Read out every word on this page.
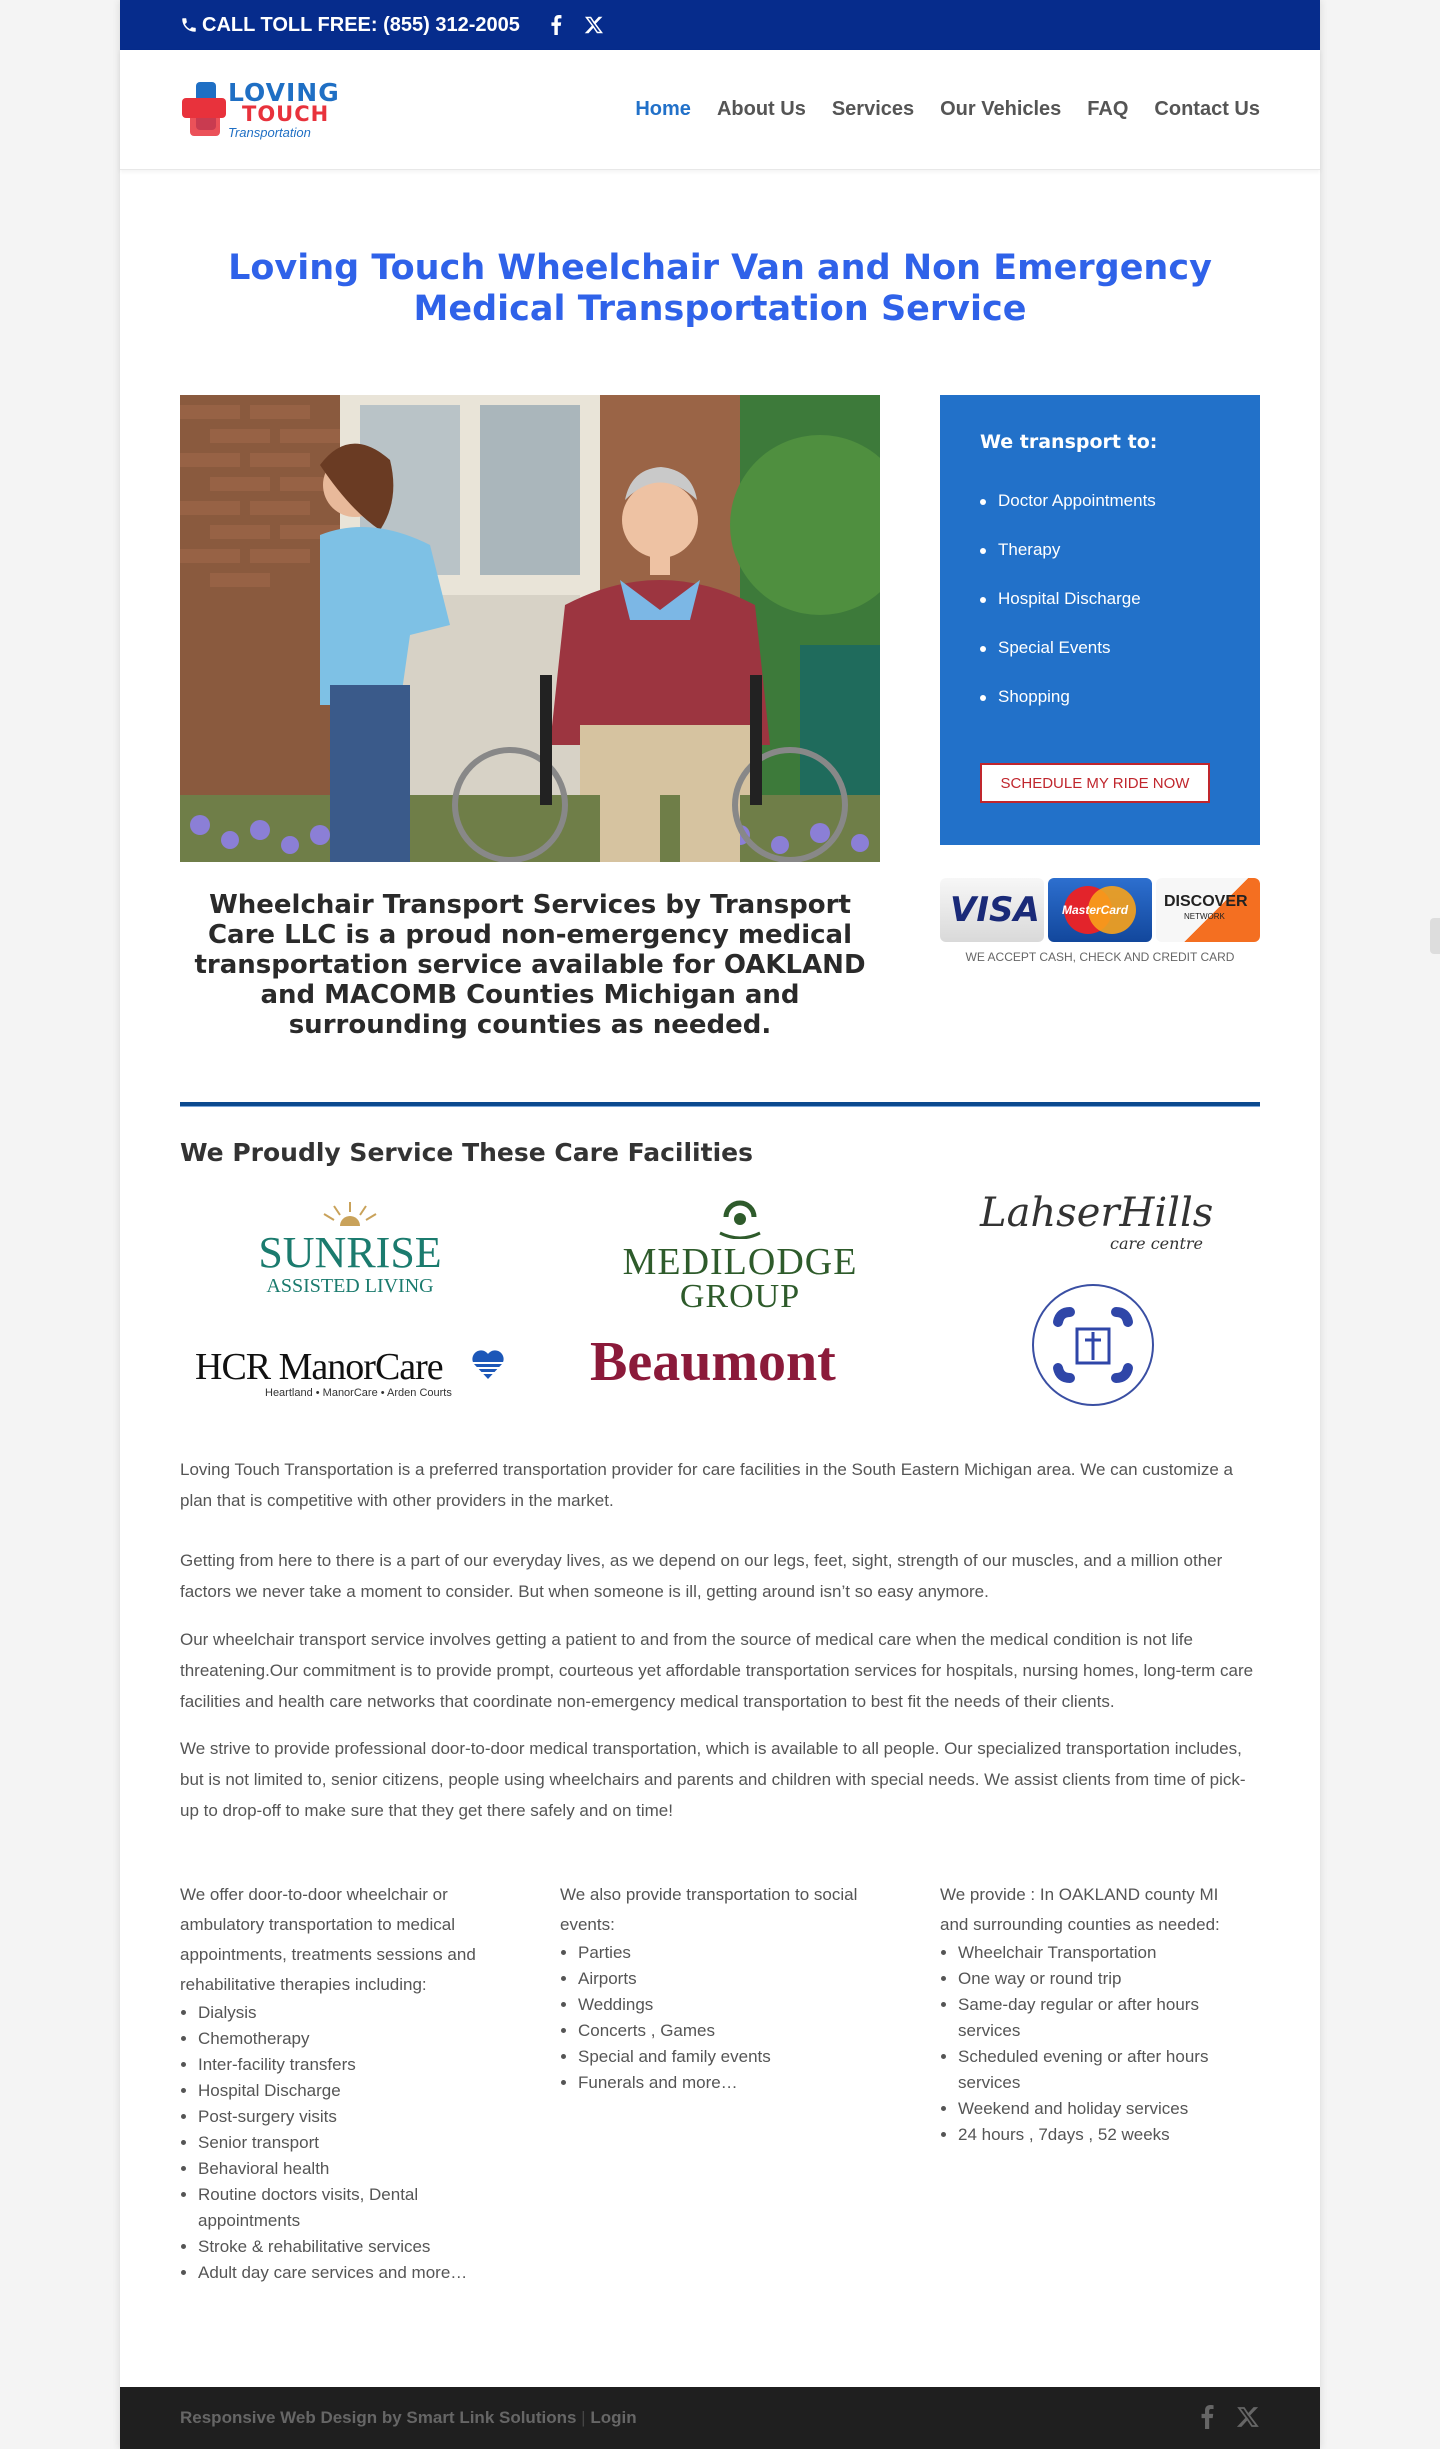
CALL TOLL FREE: (855) 312-2005
LOVING
TOUCH
Transportation
Home About Us Services Our Vehicles FAQ Contact Us
Loving Touch Wheelchair Van and Non Emergency Medical Transportation Service
We transport to:
Doctor Appointments
Therapy
Hospital Discharge
Special Events
Shopping
SCHEDULE MY RIDE NOW
VISA MasterCard DISCOVER
NETWORK
WE ACCEPT CASH, CHECK AND CREDIT CARD
Wheelchair Transport Services by Transport Care LLC is a proud non-emergency medical transportation service available for OAKLAND and MACOMB Counties Michigan and surrounding counties as needed.
We Proudly Service These Care Facilities
SUNRISE
ASSISTED LIVING
MEDILODGE
GROUP
LahserHills
care centre
HCR ManorCare
Heartland • ManorCare • Arden Courts Beaumont

Loving Touch Transportation is a preferred transportation provider for care facilities in the South Eastern Michigan area. We can customize a plan that is competitive with other providers in the market.

Getting from here to there is a part of our everyday lives, as we depend on our legs, feet, sight, strength of our muscles, and a million other factors we never take a moment to consider. But when someone is ill, getting around isn’t so easy anymore.

Our wheelchair transport service involves getting a patient to and from the source of medical care when the medical condition is not life threatening.Our commitment is to provide prompt, courteous yet affordable transportation services for hospitals, nursing homes, long-term care facilities and health care networks that coordinate non-emergency medical transportation to best fit the needs of their clients.

We strive to provide professional door-to-door medical transportation, which is available to all people. Our specialized transportation includes, but is not limited to, senior citizens, people using wheelchairs and parents and children with special needs. We assist clients from time of pick-up to drop-off to make sure that they get there safely and on time!

We offer door-to-door wheelchair or ambulatory transportation to medical appointments, treatments sessions and rehabilitative therapies including:

• Dialysis
• Chemotherapy
• Inter-facility transfers
• Hospital Discharge
• Post-surgery visits
• Senior transport
• Behavioral health
• Routine doctors visits, Dental appointments
• Stroke & rehabilitative services
• Adult day care services and more…

We also provide transportation to social events:

• Parties
• Airports
• Weddings
• Concerts , Games
• Special and family events
• Funerals and more…

We provide : In OAKLAND county MI and surrounding counties as needed:

• Wheelchair Transportation
• One way or round trip
• Same-day regular or after hours services
• Scheduled evening or after hours services
• Weekend and holiday services
• 24 hours , 7days , 52 weeks
Responsive Web Design by Smart Link Solutions | Login
